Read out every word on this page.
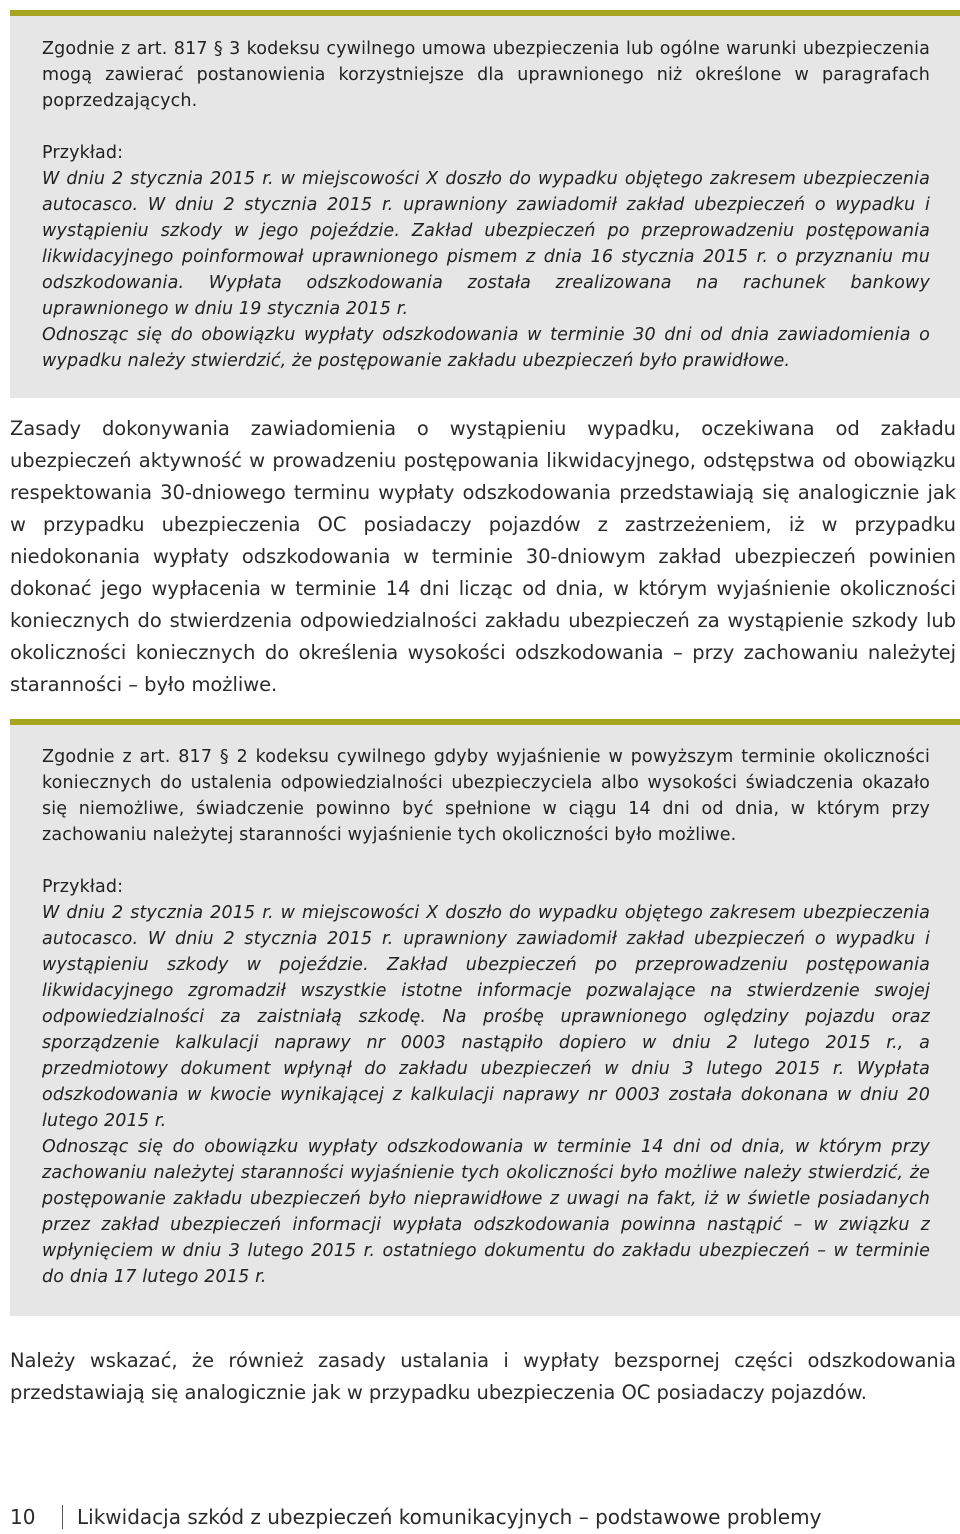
Zgodnie z art. 817 § 3 kodeksu cywilnego umowa ubezpieczenia lub ogólne warunki ubezpieczenia mogą zawierać postanowienia korzystniejsze dla uprawnionego niż określone w paragrafach poprzedzających.

Przykład:

W dniu 2 stycznia 2015 r. w miejscowości X doszło do wypadku objętego zakresem ubezpieczenia autocasco. W dniu 2 stycznia 2015 r. uprawniony zawiadomił zakład ubezpieczeń o wypadku i wystąpieniu szkody w jego pojeździe. Zakład ubezpieczeń po przeprowadzeniu postępowania likwidacyjnego poinformował uprawnionego pismem z dnia 16 stycznia 2015 r. o przyznaniu mu odszkodowania. Wypłata odszkodowania została zrealizowana na rachunek bankowy uprawnionego w dniu 19 stycznia 2015 r.

Odnosząc się do obowiązku wypłaty odszkodowania w terminie 30 dni od dnia zawiadomienia o wypadku należy stwierdzić, że postępowanie zakładu ubezpieczeń było prawidłowe.

Zasady dokonywania zawiadomienia o wystąpieniu wypadku, oczekiwana od zakładu ubezpieczeń aktywność w prowadzeniu postępowania likwidacyjnego, odstępstwa od obowiązku respektowania 30-dniowego terminu wypłaty odszkodowania przedstawiają się analogicznie jak w przypadku ubezpieczenia OC posiadaczy pojazdów z zastrzeżeniem, iż w przypadku niedokonania wypłaty odszkodowania w terminie 30-dniowym zakład ubezpieczeń powinien dokonać jego wypłacenia w terminie 14 dni licząc od dnia, w którym wyjaśnienie okoliczności koniecznych do stwierdzenia odpowiedzialności zakładu ubezpieczeń za wystąpienie szkody lub okoliczności koniecznych do określenia wysokości odszkodowania – przy zachowaniu należytej staranności – było możliwe.

Zgodnie z art. 817 § 2 kodeksu cywilnego gdyby wyjaśnienie w powyższym terminie okoliczności koniecznych do ustalenia odpowiedzialności ubezpieczyciela albo wysokości świadczenia okazało się niemożliwe, świadczenie powinno być spełnione w ciągu 14 dni od dnia, w którym przy zachowaniu należytej staranności wyjaśnienie tych okoliczności było możliwe.

Przykład:

W dniu 2 stycznia 2015 r. w miejscowości X doszło do wypadku objętego zakresem ubezpieczenia autocasco. W dniu 2 stycznia 2015 r. uprawniony zawiadomił zakład ubezpieczeń o wypadku i wystąpieniu szkody w pojeździe. Zakład ubezpieczeń po przeprowadzeniu postępowania likwidacyjnego zgromadził wszystkie istotne informacje pozwalające na stwierdzenie swojej odpowiedzialności za zaistniałą szkodę. Na prośbę uprawnionego oględziny pojazdu oraz sporządzenie kalkulacji naprawy nr 0003 nastąpiło dopiero w dniu 2 lutego 2015 r., a przedmiotowy dokument wpłynął do zakładu ubezpieczeń w dniu 3 lutego 2015 r. Wypłata odszkodowania w kwocie wynikającej z kalkulacji naprawy nr 0003 została dokonana w dniu 20 lutego 2015 r.

Odnosząc się do obowiązku wypłaty odszkodowania w terminie 14 dni od dnia, w którym przy zachowaniu należytej staranności wyjaśnienie tych okoliczności było możliwe należy stwierdzić, że postępowanie zakładu ubezpieczeń było nieprawidłowe z uwagi na fakt, iż w świetle posiadanych przez zakład ubezpieczeń informacji wypłata odszkodowania powinna nastąpić – w związku z wpłynięciem w dniu 3 lutego 2015 r. ostatniego dokumentu do zakładu ubezpieczeń – w terminie do dnia 17 lutego 2015 r.

Należy wskazać, że również zasady ustalania i wypłaty bezspornej części odszkodowania przedstawiają się analogicznie jak w przypadku ubezpieczenia OC posiadaczy pojazdów.

10	Likwidacja szkód z ubezpieczeń komunikacyjnych – podstawowe problemy
